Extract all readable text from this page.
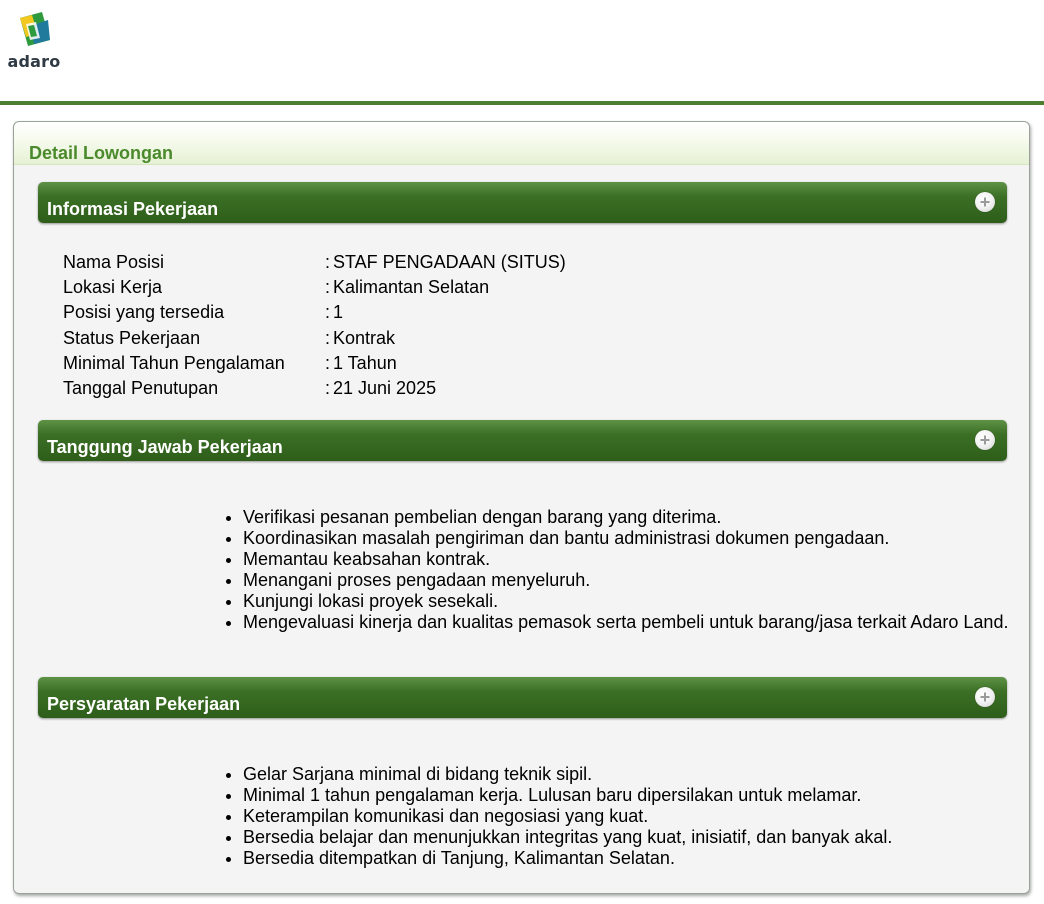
adaro
Detail Lowongan
Informasi Pekerjaan
Nama Posisi	: STAF PENGADAAN (SITUS)
Lokasi Kerja	: Kalimantan Selatan
Posisi yang tersedia	: 1
Status Pekerjaan	: Kontrak
Minimal Tahun Pengalaman : 1 Tahun
Tanggal Penutupan	: 21 Juni 2025
Tanggung Jawab Pekerjaan
• Verifikasi pesanan pembelian dengan barang yang diterima.
• Koordinasikan masalah pengiriman dan bantu administrasi dokumen pengadaan.
• Memantau keabsahan kontrak.
• Menangani proses pengadaan menyeluruh.
• Kunjungi lokasi proyek sesekali.
• Mengevaluasi kinerja dan kualitas pemasok serta pembeli untuk barang/jasa terkait Adaro Land.
Persyaratan Pekerjaan
• Gelar Sarjana minimal di bidang teknik sipil.
• Minimal 1 tahun pengalaman kerja. Lulusan baru dipersilakan untuk melamar.
• Keterampilan komunikasi dan negosiasi yang kuat.
• Bersedia belajar dan menunjukkan integritas yang kuat, inisiatif, dan banyak akal.
• Bersedia ditempatkan di Tanjung, Kalimantan Selatan.
